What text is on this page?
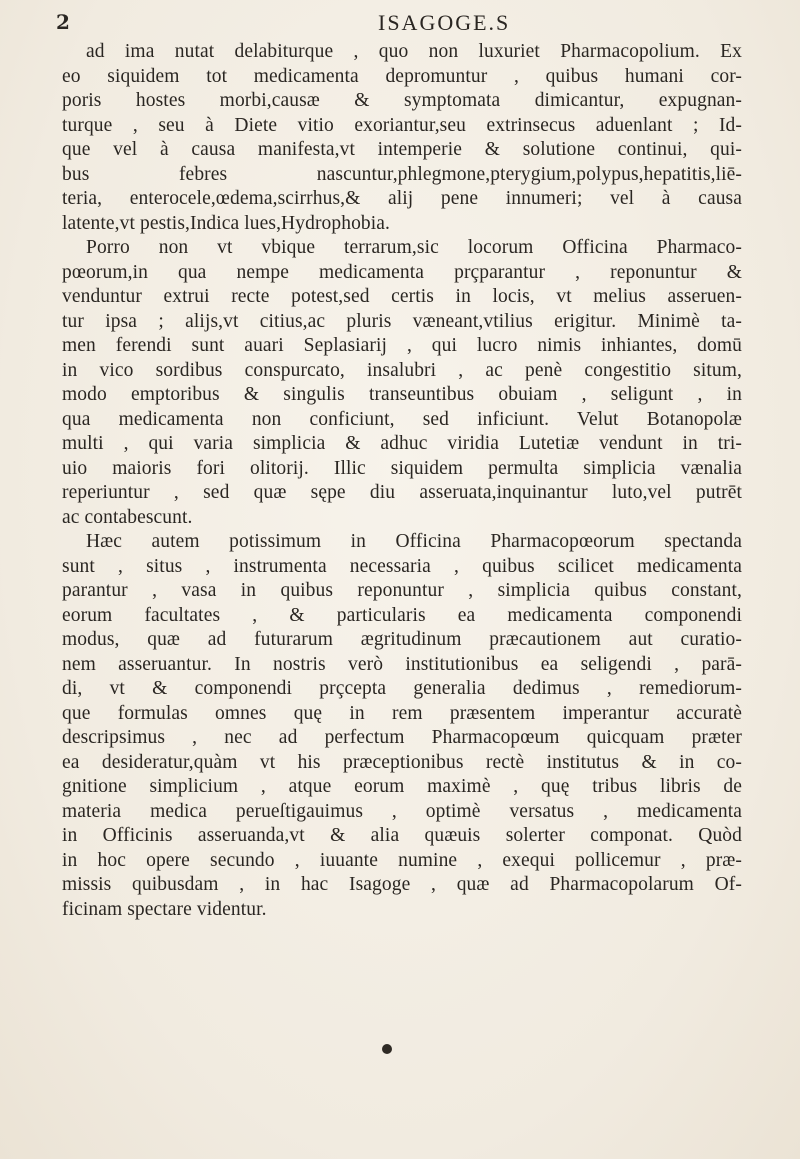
2	ISAGOGE.S
ad ima nutat delabiturque , quo non luxuriet Pharmacopolium. Ex
eo siquidem tot medicamenta depromuntur , quibus humani cor-
poris hostes morbi,causæ & symptomata dimicantur, expugnan-
turque , seu à Diete vitio exoriantur,seu extrinsecus aduenlant ; Id-
que vel à causa manifesta,vt intemperie & solutione continui, qui-
bus febres nascuntur,phlegmone,pterygium,polypus,hepatitis,liē-
teria, enterocele,œdema,scirrhus,& alij pene innumeri; vel à causa
latente,vt pestis,Indica lues,Hydrophobia.
Porro non vt vbique terrarum,sic locorum Officina Pharmaco-
pœorum,in qua nempe medicamenta prçparantur , reponuntur &
venduntur extrui recte potest,sed certis in locis, vt melius asseruen-
tur ipsa ; alijs,vt citius,ac pluris væneant,vtilius erigitur. Minimè ta-
men ferendi sunt auari Seplasiarij , qui lucro nimis inhiantes, domū
in vico sordibus conspurcato, insalubri , ac penè congestitio situm,
modo emptoribus & singulis transeuntibus obuiam , seligunt , in
qua medicamenta non conficiunt, sed inficiunt. Velut Botanopolæ
multi , qui varia simplicia & adhuc viridia Lutetiæ vendunt in tri-
uio maioris fori olitorij. Illic siquidem permulta simplicia vænalia
reperiuntur , sed quæ sępe diu asseruata,inquinantur luto,vel putrēt
ac contabescunt.
Hæc autem potissimum in Officina Pharmacopœorum spectanda
sunt , situs , instrumenta necessaria , quibus scilicet medicamenta
parantur , vasa in quibus reponuntur , simplicia quibus constant,
eorum facultates , & particularis ea medicamenta componendi
modus, quæ ad futurarum ægritudinum præcautionem aut curatio-
nem asseruantur. In nostris verò institutionibus ea seligendi , parā-
di, vt & componendi prçcepta generalia dedimus , remediorum-
que formulas omnes quę in rem præsentem imperantur accuratè
descripsimus , nec ad perfectum Pharmacopœum quicquam præter
ea desideratur,quàm vt his præceptionibus rectè institutus & in co-
gnitione simplicium , atque eorum maximè , quę tribus libris de
materia medica perueſtigauimus , optimè versatus , medicamenta
in Officinis asseruanda,vt & alia quæuis solerter componat. Quòd
in hoc opere secundo , iuuante numine , exequi pollicemur , præ-
missis quibusdam , in hac Isagoge , quæ ad Pharmacopolarum Of-
ficinam spectare videntur.
